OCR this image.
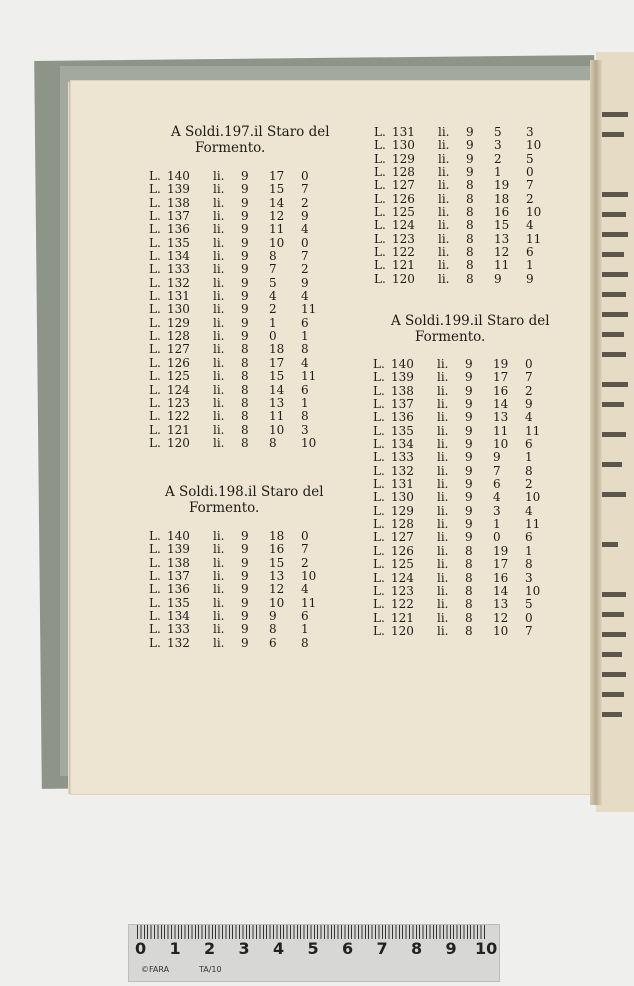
A Soldi.197.il Staro del
Formento.

L. 140 li. 9 17 0
L. 139 li. 9 15 7
L. 138 li. 9 14 2
L. 137 li. 9 12 9
L. 136 li. 9 11 4
L. 135 li. 9 10 0
L. 134 li. 9 8 7
L. 133 li. 9 7 2
L. 132 li. 9 5 9
L. 131 li. 9 4 4
L. 130 li. 9 2 11
L. 129 li. 9 1 6
L. 128 li. 9 0 1
L. 127 li. 8 18 8
L. 126 li. 8 17 4
L. 125 li. 8 15 11
L. 124 li. 8 14 6
L. 123 li. 8 13 1
L. 122 li. 8 11 8
L. 121 li. 8 10 3
L. 120 li. 8 8 10

A Soldi.198.il Staro del
Formento.

L. 140 li. 9 18 0
L. 139 li. 9 16 7
L. 138 li. 9 15 2
L. 137 li. 9 13 10
L. 136 li. 9 12 4
L. 135 li. 9 10 11
L. 134 li. 9 9 6
L. 133 li. 9 8 1
L. 132 li. 9 6 8
L. 131 li. 9 5 3
L. 130 li. 9 3 10
L. 129 li. 9 2 5
L. 128 li. 9 1 0
L. 127 li. 8 19 7
L. 126 li. 8 18 2
L. 125 li. 8 16 10
L. 124 li. 8 15 4
L. 123 li. 8 13 11
L. 122 li. 8 12 6
L. 121 li. 8 11 1
L. 120 li. 8 9 9

A Soldi.199.il Staro del
Formento.

L. 140 li. 9 19 0
L. 139 li. 9 17 7
L. 138 li. 9 16 2
L. 137 li. 9 14 9
L. 136 li. 9 13 4
L. 135 li. 9 11 11
L. 134 li. 9 10 6
L. 133 li. 9 9 1
L. 132 li. 9 7 8
L. 131 li. 9 6 2
L. 130 li. 9 4 10
L. 129 li. 9 3 4
L. 128 li. 9 1 11
L. 127 li. 9 0 6
L. 126 li. 8 19 1
L. 125 li. 8 17 8
L. 124 li. 8 16 3
L. 123 li. 8 14 10
L. 122 li. 8 13 5
L. 121 li. 8 12 0
L. 120 li. 8 10 7
0 1 2 3 4 5 6 7 8 9 10
©FARA	TA/10
